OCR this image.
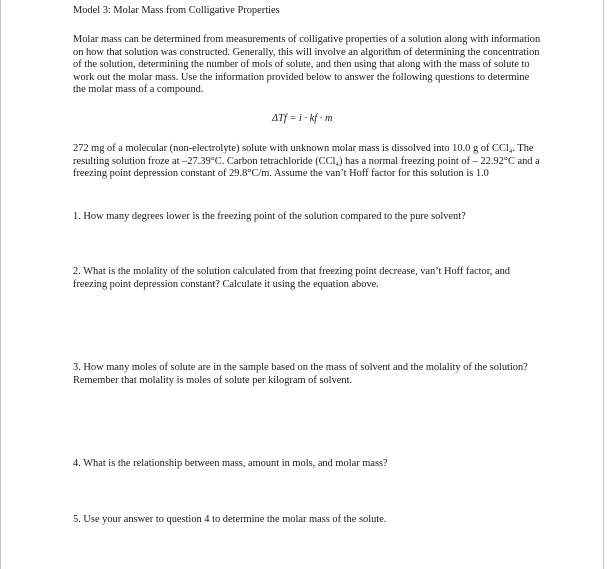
Model 3: Molar Mass from Colligative Properties

Molar mass can be determined from measurements of colligative properties of a solution along with information on how that solution was constructed. Generally, this will involve an algorithm of determining the concentration of the solution, determining the number of mols of solute, and then using that along with the mass of solute to work out the molar mass. Use the information provided below to answer the following questions to determine the molar mass of a compound.

ΔTf = i · kf · m

272 mg of a molecular (non-electrolyte) solute with unknown molar mass is dissolved into 10.0 g of CCl₄. The resulting solution froze at –27.39°C. Carbon tetrachloride (CCl₄) has a normal freezing point of – 22.92°C and a freezing point depression constant of 29.8°C/m. Assume the van’t Hoff factor for this solution is 1.0

1. How many degrees lower is the freezing point of the solution compared to the pure solvent?

2. What is the molality of the solution calculated from that freezing point decrease, van’t Hoff factor, and freezing point depression constant? Calculate it using the equation above.

3. How many moles of solute are in the sample based on the mass of solvent and the molality of the solution? Remember that molality is moles of solute per kilogram of solvent.

4. What is the relationship between mass, amount in mols, and molar mass?

5. Use your answer to question 4 to determine the molar mass of the solute.
